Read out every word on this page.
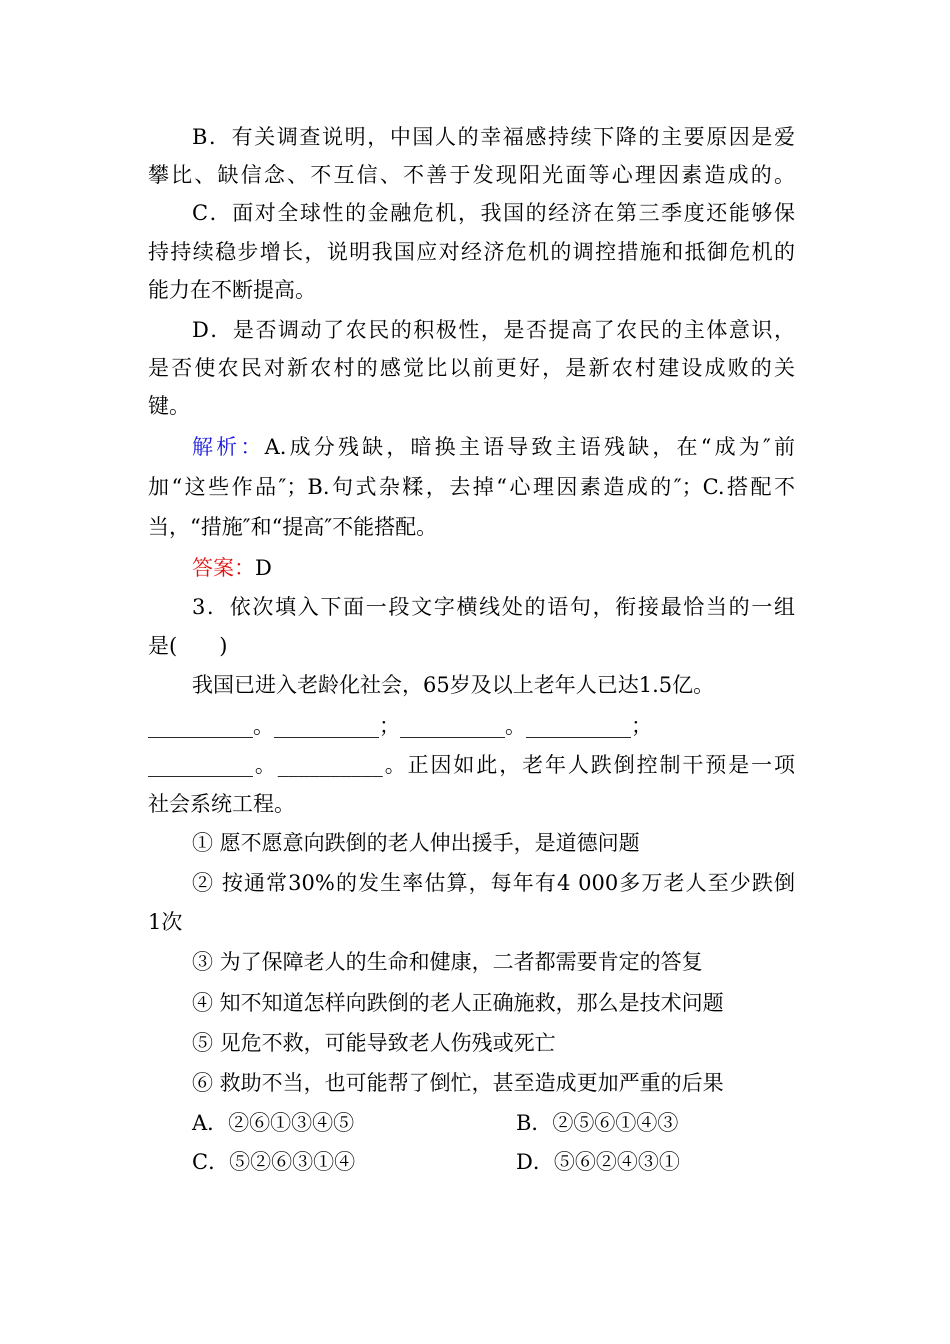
B．有关调查说明，中国人的幸福感持续下降的主要原因是爱
攀比、缺信念、不互信、不善于发现阳光面等心理因素造成的。
C．面对全球性的金融危机，我国的经济在第三季度还能够保
持持续稳步增长，说明我国应对经济危机的调控措施和抵御危机的
能力在不断提高。
D．是否调动了农民的积极性，是否提高了农民的主体意识，
是否使农民对新农村的感觉比以前更好，是新农村建设成败的关
键。
解析：A.成分残缺，暗换主语导致主语残缺，在“成为″前
加“这些作品″；B.句式杂糅，去掉“心理因素造成的″；C.搭配不
当，“措施″和“提高″不能搭配。
答案：D
3．依次填入下面一段文字横线处的语句，衔接最恰当的一组
是(　　)
我国已进入老龄化社会，65岁及以上老年人已达1.5亿。
__________。__________；__________。__________；
__________。__________。正因如此，老年人跌倒控制干预是一项
社会系统工程。
① 愿不愿意向跌倒的老人伸出援手，是道德问题
② 按通常30%的发生率估算，每年有4 000多万老人至少跌倒
1次
③ 为了保障老人的生命和健康，二者都需要肯定的答复
④ 知不知道怎样向跌倒的老人正确施救，那么是技术问题
⑤ 见危不救，可能导致老人伤残或死亡
⑥ 救助不当，也可能帮了倒忙，甚至造成更加严重的后果
A．②⑥①③④⑤	B．②⑤⑥①④③
C．⑤②⑥③①④	D．⑤⑥②④③①
